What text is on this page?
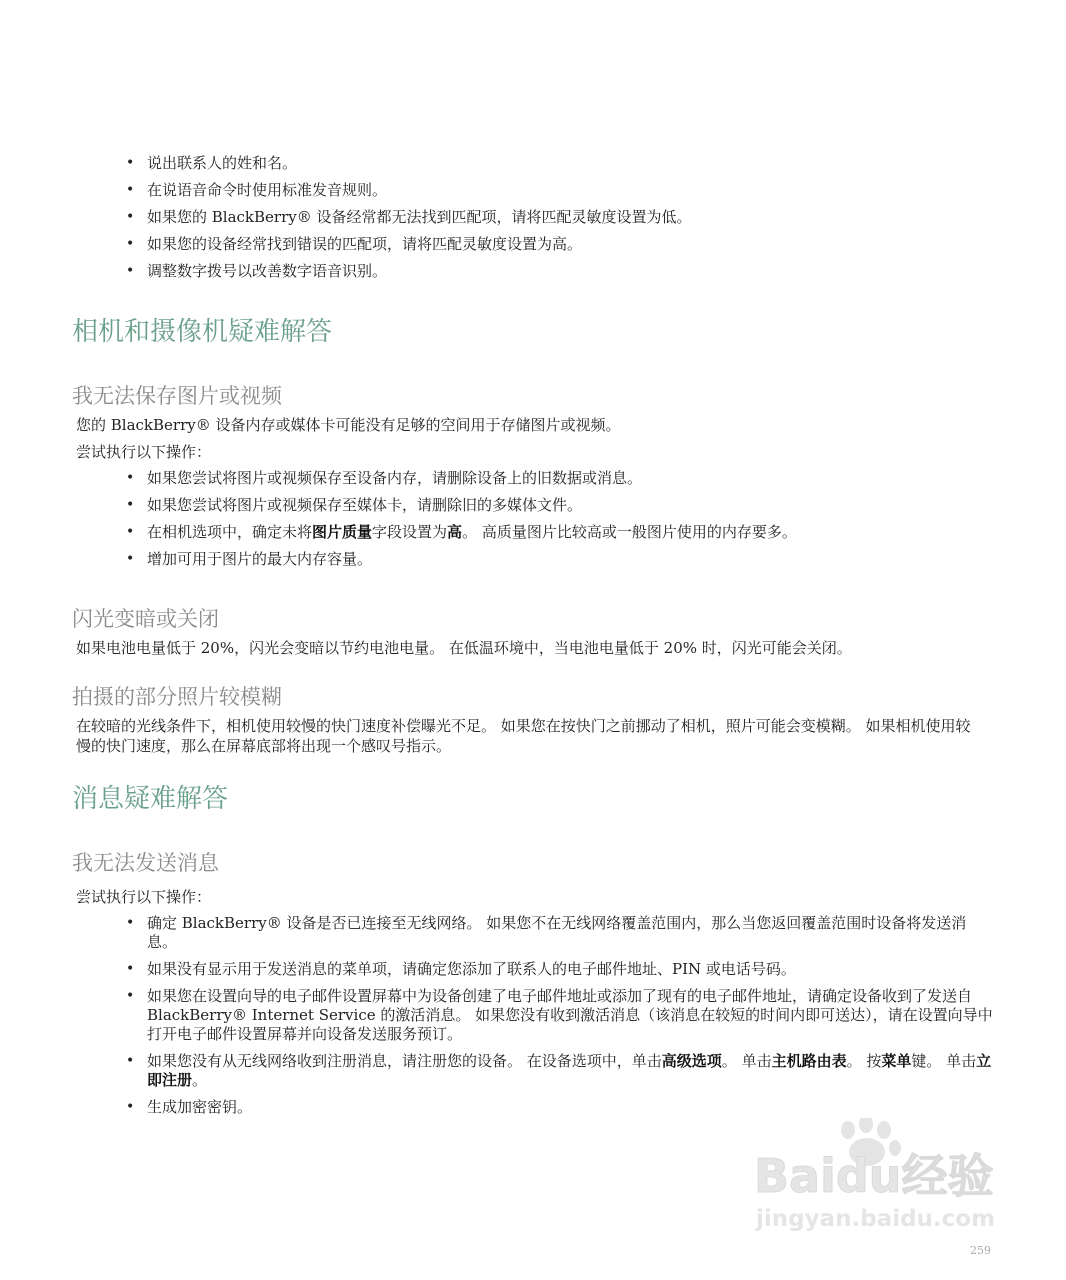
• 说出联系人的姓和名。
• 在说语音命令时使用标准发音规则。
• 如果您的 BlackBerry® 设备经常都无法找到匹配项，请将匹配灵敏度设置为低。
• 如果您的设备经常找到错误的匹配项，请将匹配灵敏度设置为高。
• 调整数字拨号以改善数字语音识别。
相机和摄像机疑难解答
我无法保存图片或视频

您的 BlackBerry® 设备内存或媒体卡可能没有足够的空间用于存储图片或视频。

尝试执行以下操作：

• 如果您尝试将图片或视频保存至设备内存，请删除设备上的旧数据或消息。
• 如果您尝试将图片或视频保存至媒体卡，请删除旧的多媒体文件。
• 在相机选项中，确定未将图片质量字段设置为高。 高质量图片比较高或一般图片使用的内存要多。
• 增加可用于图片的最大内存容量。
闪光变暗或关闭

如果电池电量低于 20%，闪光会变暗以节约电池电量。 在低温环境中，当电池电量低于 20% 时，闪光可能会关闭。

拍摄的部分照片较模糊

在较暗的光线条件下，相机使用较慢的快门速度补偿曝光不足。 如果您在按快门之前挪动了相机，照片可能会变模糊。 如果相机使用较慢的快门速度，那么在屏幕底部将出现一个感叹号指示。

消息疑难解答
我无法发送消息

尝试执行以下操作：

• 确定 BlackBerry® 设备是否已连接至无线网络。 如果您不在无线网络覆盖范围内，那么当您返回覆盖范围时设备将发送消息。
• 如果没有显示用于发送消息的菜单项，请确定您添加了联系人的电子邮件地址、PIN 或电话号码。
• 如果您在设置向导的电子邮件设置屏幕中为设备创建了电子邮件地址或添加了现有的电子邮件地址，请确定设备收到了发送自 BlackBerry® Internet Service 的激活消息。 如果您没有收到激活消息（该消息在较短的时间内即可送达），请在设置向导中打开电子邮件设置屏幕并向设备发送服务预订。
• 如果您没有从无线网络收到注册消息，请注册您的设备。 在设备选项中，单击高级选项。 单击主机路由表。 按菜单键。 单击立即注册。
• 生成加密密钥。
Baidu经验
jingyan.baidu.com
259
